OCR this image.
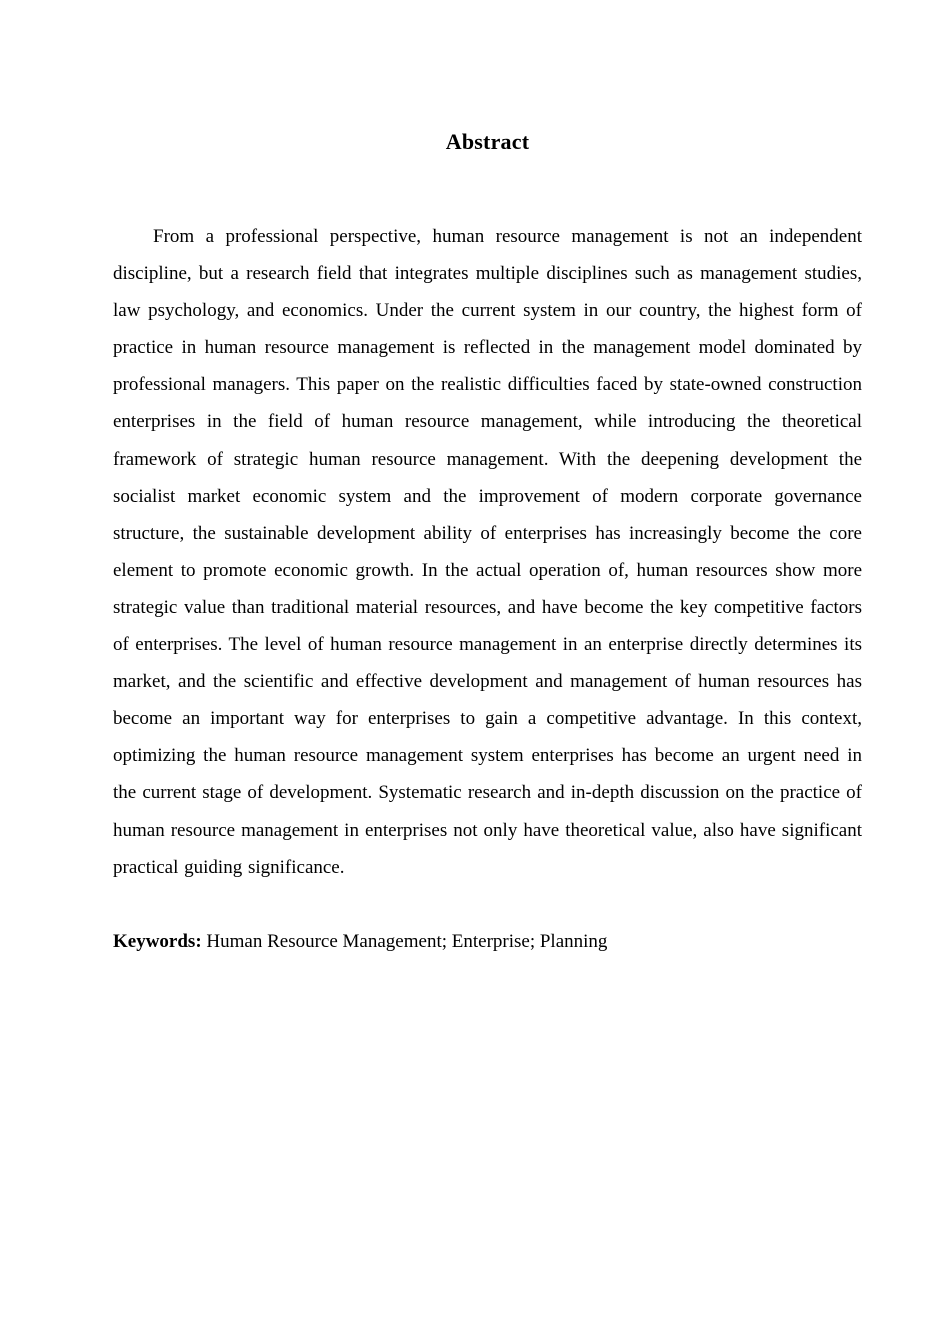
Abstract

From a professional perspective, human resource management is not an independent discipline, but a research field that integrates multiple disciplines such as management studies, law psychology, and economics. Under the current system in our country, the highest form of practice in human resource management is reflected in the management model dominated by professional managers. This paper on the realistic difficulties faced by state-owned construction enterprises in the field of human resource management, while introducing the theoretical framework of strategic human resource management. With the deepening development the socialist market economic system and the improvement of modern corporate governance structure, the sustainable development ability of enterprises has increasingly become the core element to promote economic growth. In the actual operation of, human resources show more strategic value than traditional material resources, and have become the key competitive factors of enterprises. The level of human resource management in an enterprise directly determines its market, and the scientific and effective development and management of human resources has become an important way for enterprises to gain a competitive advantage. In this context, optimizing the human resource management system enterprises has become an urgent need in the current stage of development. Systematic research and in-depth discussion on the practice of human resource management in enterprises not only have theoretical value, also have significant practical guiding significance.

Keywords: Human Resource Management; Enterprise; Planning
